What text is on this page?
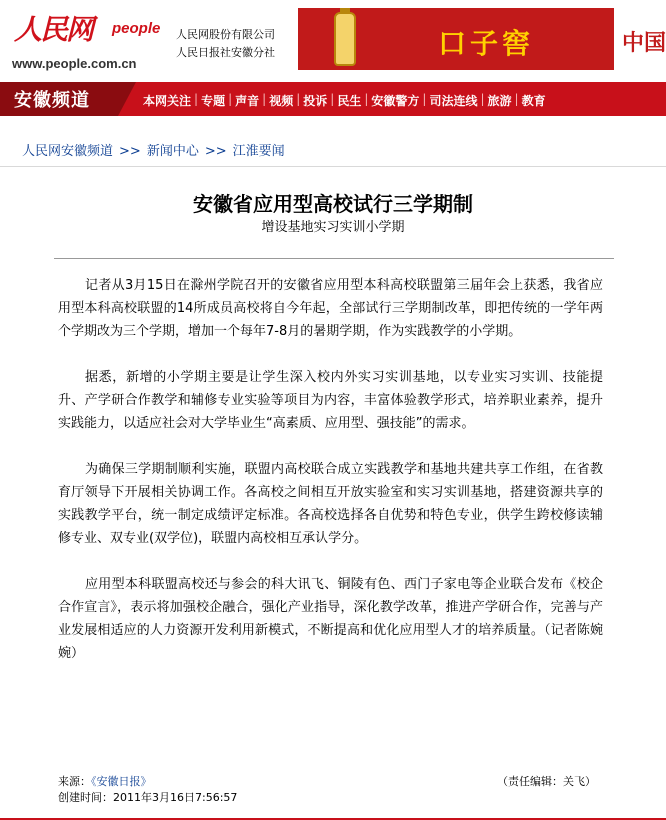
人民网 people
www.people.com.cn
人民网股份有限公司
人民日报社安徽分社	口子窖	中国
安徽频道	本网关注 | 专题 | 声音 | 视频 | 投诉 | 民生 | 安徽警方 | 司法连线 | 旅游 | 教育
人民网安徽频道 >> 新闻中心 >> 江淮要闻
安徽省应用型高校试行三学期制
增设基地实习实训小学期

记者从3月15日在滁州学院召开的安徽省应用型本科高校联盟第三届年会上获悉，我省应用型本科高校联盟的14所成员高校将自今年起，全部试行三学期制改革，即把传统的一学年两个学期改为三个学期，增加一个每年7-8月的暑期学期，作为实践教学的小学期。

据悉，新增的小学期主要是让学生深入校内外实习实训基地，以专业实习实训、技能提升、产学研合作教学和辅修专业实验等项目为内容，丰富体验教学形式，培养职业素养，提升实践能力，以适应社会对大学毕业生“高素质、应用型、强技能”的需求。

为确保三学期制顺利实施，联盟内高校联合成立实践教学和基地共建共享工作组，在省教育厅领导下开展相关协调工作。各高校之间相互开放实验室和实习实训基地，搭建资源共享的实践教学平台，统一制定成绩评定标准。各高校选择各自优势和特色专业，供学生跨校修读辅修专业、双专业(双学位)，联盟内高校相互承认学分。

应用型本科联盟高校还与参会的科大讯飞、铜陵有色、西门子家电等企业联合发布《校企合作宣言》，表示将加强校企融合，强化产业指导，深化教学改革，推进产学研合作，完善与产业发展相适应的人力资源开发利用新模式，不断提高和优化应用型人才的培养质量。（记者陈婉婉）

来源：《安徽日报》	（责任编辑：关飞）
创建时间：2011年3月16日7:56:57
